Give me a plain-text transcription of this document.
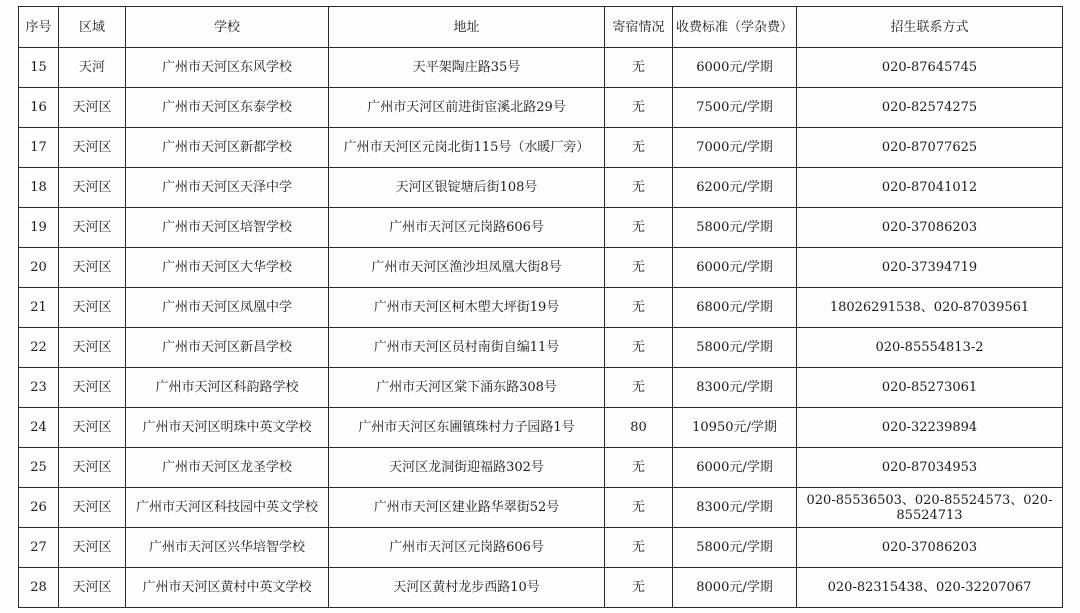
序号	区域	学校	地址	寄宿情况	收费标准（学杂费）	招生联系方式
15	天河	广州市天河区东风学校	天平架陶庄路35号	无	6000元/学期	020-87645745
16	天河区	广州市天河区东泰学校	广州市天河区前进街宦溪北路29号	无	7500元/学期	020-82574275
17	天河区	广州市天河区新都学校	广州市天河区元岗北街115号（水暖厂旁）	无	7000元/学期	020-87077625
18	天河区	广州市天河区天泽中学	天河区银锭塘后街108号	无	6200元/学期	020-87041012
19	天河区	广州市天河区培智学校	广州市天河区元岗路606号	无	5800元/学期	020-37086203
20	天河区	广州市天河区大华学校	广州市天河区渔沙坦凤凰大街8号	无	6000元/学期	020-37394719
21	天河区	广州市天河区凤凰中学	广州市天河区柯木塱大坪街19号	无	6800元/学期	18026291538、020-87039561
22	天河区	广州市天河区新昌学校	广州市天河区员村南街自编11号	无	5800元/学期	020-85554813-2
23	天河区	广州市天河区科韵路学校	广州市天河区棠下涌东路308号	无	8300元/学期	020-85273061
24	天河区	广州市天河区明珠中英文学校	广州市天河区东圃镇珠村力子园路1号	80	10950元/学期	020-32239894
25	天河区	广州市天河区龙圣学校	天河区龙洞街迎福路302号	无	6000元/学期	020-87034953
26	天河区	广州市天河区科技园中英文学校	广州市天河区建业路华翠街52号	无	8300元/学期	020-85536503、020-85524573、020-85524713
27	天河区	广州市天河区兴华培智学校	广州市天河区元岗路606号	无	5800元/学期	020-37086203
28	天河区	广州市天河区黄村中英文学校	天河区黄村龙步西路10号	无	8000元/学期	020-82315438、020-32207067
